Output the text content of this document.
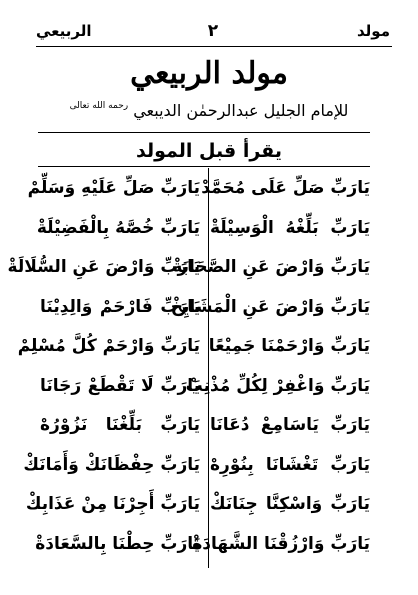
مولد
٢
الربيعي
مولد الربيعي
للإمام الجليل عبدالرحمٰن الديبعي $^{رحمه الله تعالى}$
يقرأ قبل المولد
يَارَبِّ صَلِّ عَلَى مُحَمَّدْ
يَارَبِّ صَلِّ عَلَيْهِ وَسَلِّمْ
يَارَبِّ بَلِّغْهُ الْوَسِيْلَةْ
يَارَبِّ خُصَّهُ بِالْفَضِيْلَةْ
يَارَبِّ وَارْضَ عَنِ الصَّحَابَةْ
يَارَبِّ وَارْضَ عَنِ السُّلَالَةْ
يَارَبِّ وَارْضَ عَنِ الْمَشَايِخْ
يَارَبِّ فَارْحَمْ وَالِدِيْنَا
يَارَبِّ وَارْحَمْنَا جَمِيْعًا
يَارَبِّ وَارْحَمْ كُلَّ مُسْلِمْ
يَارَبِّ وَاغْفِرْ لِكُلِّ مُذْنِبْ
يَارَبِّ لَا تَقْطَعْ رَجَانَا
يَارَبِّ يَاسَامِعْ دُعَانَا
يَارَبِّ بَلِّغْنَا نَزُوْرُهْ
يَارَبِّ تَغْشَانَا بِنُوْرِهْ
يَارَبِّ حِفْظَانَكْ وَأَمَانَكْ
يَارَبِّ وَاسْكِنَّا جِنَانَكْ
يَارَبِّ أَجِرْنَا مِنْ عَذَابِكْ
يَارَبِّ وَارْزُقْنَا الشَّهَادَةْ
يَارَبِّ حِطْنَا بِالسَّعَادَةْ
